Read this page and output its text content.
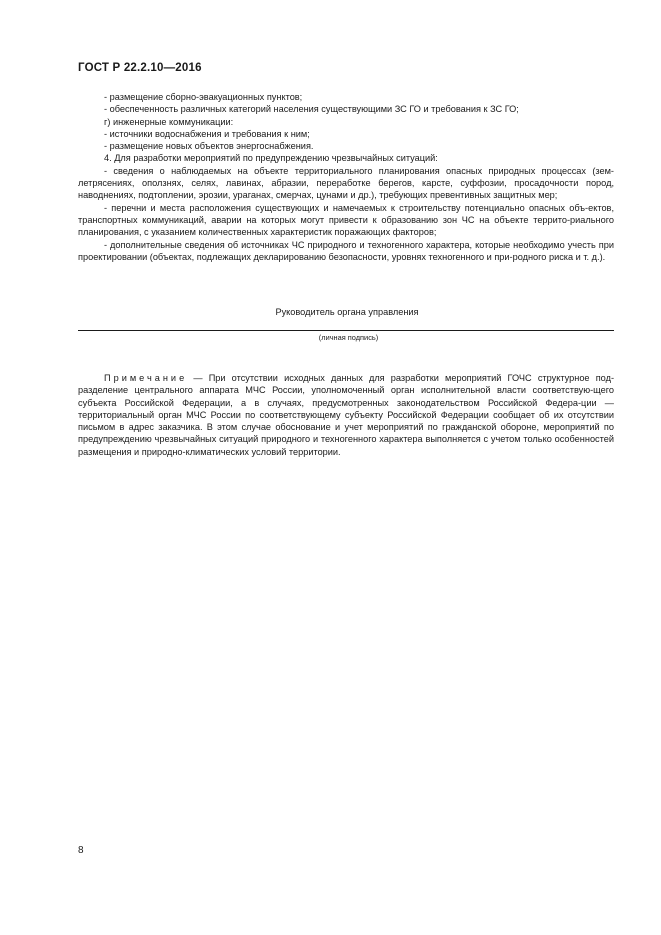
ГОСТ Р 22.2.10—2016

- размещение сборно-эвакуационных пунктов;

- обеспеченность различных категорий населения существующими ЗС ГО и требования к ЗС ГО;

г) инженерные коммуникации:

- источники водоснабжения и требования к ним;

- размещение новых объектов энергоснабжения.

4. Для разработки мероприятий по предупреждению чрезвычайных ситуаций:

- сведения о наблюдаемых на объекте территориального планирования опасных природных процессах (зем-летрясениях, оползнях, селях, лавинах, абразии, переработке берегов, карсте, суффозии, просадочности пород, наводнениях, подтоплении, эрозии, ураганах, смерчах, цунами и др.), требующих превентивных защитных мер;

- перечни и места расположения существующих и намечаемых к строительству потенциально опасных объ-ектов, транспортных коммуникаций, аварии на которых могут привести к образованию зон ЧС на объекте террито-риального планирования, с указанием количественных характеристик поражающих факторов;

- дополнительные сведения об источниках ЧС природного и техногенного характера, которые необходимо учесть при проектировании (объектах, подлежащих декларированию безопасности, уровнях техногенного и при-родного риска и т. д.).

Руководитель органа управления
(личная подпись)

Примечание — При отсутствии исходных данных для разработки мероприятий ГОЧС структурное под-разделение центрального аппарата МЧС России, уполномоченный орган исполнительной власти соответствую-щего субъекта Российской Федерации, а в случаях, предусмотренных законодательством Российской Федера-ции — территориальный орган МЧС России по соответствующему субъекту Российской Федерации сообщает об их отсутствии письмом в адрес заказчика. В этом случае обоснование и учет мероприятий по гражданской обороне, мероприятий по предупреждению чрезвычайных ситуаций природного и техногенного характера выполняется с учетом только особенностей размещения и природно-климатических условий территории.

8
